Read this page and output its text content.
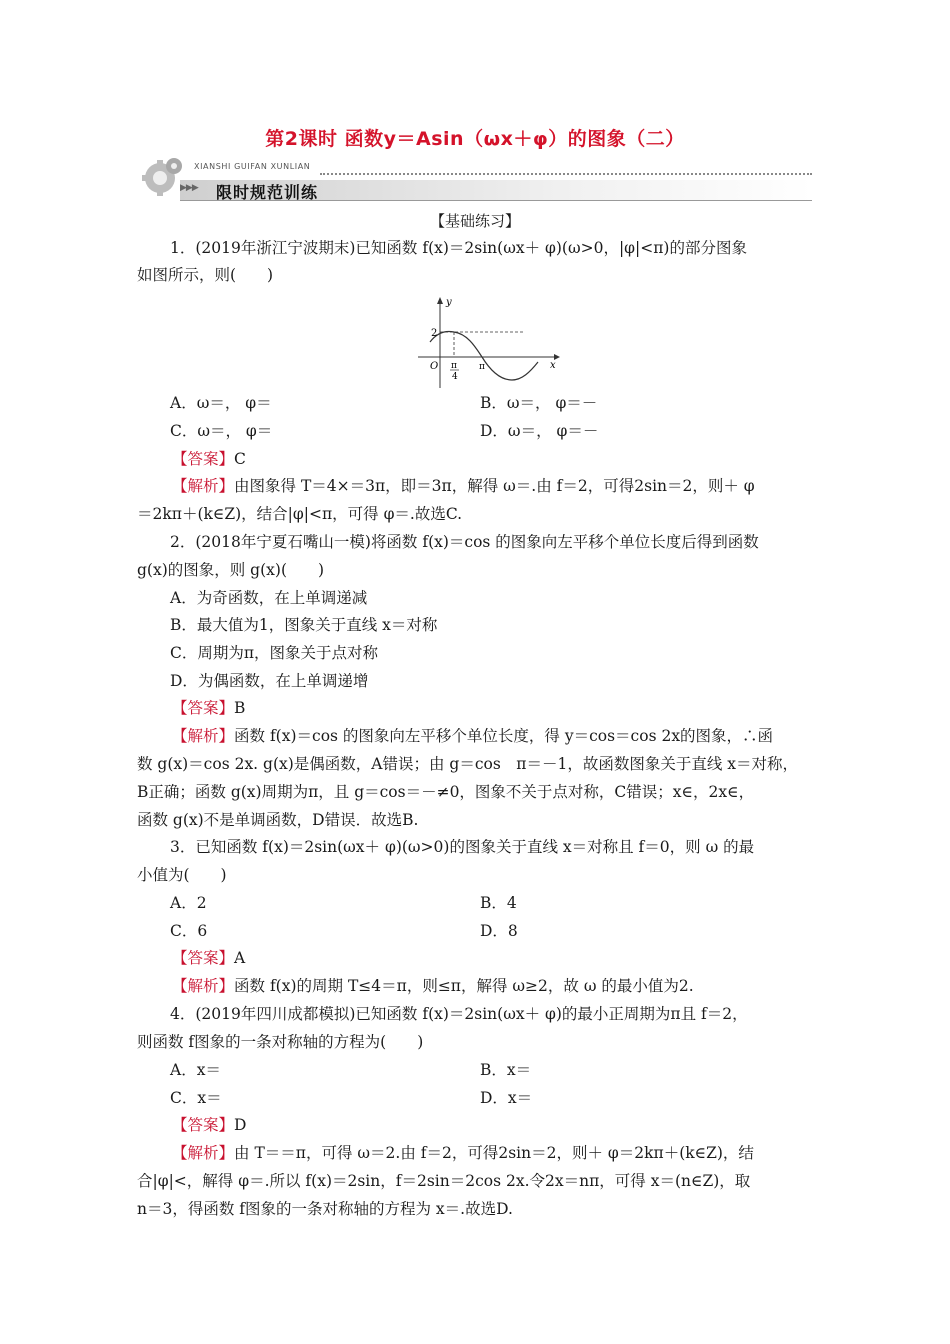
第2课时 函数y＝Asin（ωx＋φ）的图象（二）
XIANSHI GUIFAN XUNLIAN
▶▶▶ 限时规范训练
【基础练习】
1．(2019年浙江宁波期末)已知函数 f(x)＝2sin(ωx＋ φ)(ω>0，|φ|<π)的部分图象
如图所示，则(　　)
y
x
O
2
π
4
π
A．ω＝， φ＝	B．ω＝， φ＝－
C．ω＝， φ＝	D．ω＝， φ＝－
【答案】C
【解析】由图象得 T＝4×＝3π，即＝3π，解得 ω＝.由 f＝2，可得2sin＝2，则＋ φ
＝2kπ＋(k∈Z)，结合|φ|<π，可得 φ＝.故选C.
2．(2018年宁夏石嘴山一模)将函数 f(x)＝cos 的图象向左平移个单位长度后得到函数
g(x)的图象，则 g(x)(　　)
A．为奇函数，在上单调递减
B．最大值为1，图象关于直线 x＝对称
C．周期为π，图象关于点对称
D．为偶函数，在上单调递增
【答案】B
【解析】函数 f(x)＝cos 的图象向左平移个单位长度，得 y＝cos＝cos 2x的图象，∴函
数 g(x)＝cos 2x. g(x)是偶函数，A错误；由 g＝cos　π＝－1，故函数图象关于直线 x＝对称，
B正确；函数 g(x)周期为π，且 g＝cos＝－≠0，图象不关于点对称，C错误；x∈，2x∈，
函数 g(x)不是单调函数，D错误．故选B.
3．已知函数 f(x)＝2sin(ωx＋ φ)(ω>0)的图象关于直线 x＝对称且 f＝0，则 ω 的最
小值为(　　)
A．2	B．4
C．6	D．8
【答案】A
【解析】函数 f(x)的周期 T≤4＝π，则≤π，解得 ω≥2，故 ω 的最小值为2.
4．(2019年四川成都模拟)已知函数 f(x)＝2sin(ωx＋ φ)的最小正周期为π且 f＝2，
则函数 f图象的一条对称轴的方程为(　　)
A．x＝	B．x＝
C．x＝	D．x＝
【答案】D
【解析】由 T＝＝π，可得 ω＝2.由 f＝2，可得2sin＝2，则＋ φ＝2kπ＋(k∈Z)，结
合|φ|<，解得 φ＝.所以 f(x)＝2sin，f＝2sin＝2cos 2x.令2x＝nπ，可得 x＝(n∈Z)，取
n＝3，得函数 f图象的一条对称轴的方程为 x＝.故选D.
